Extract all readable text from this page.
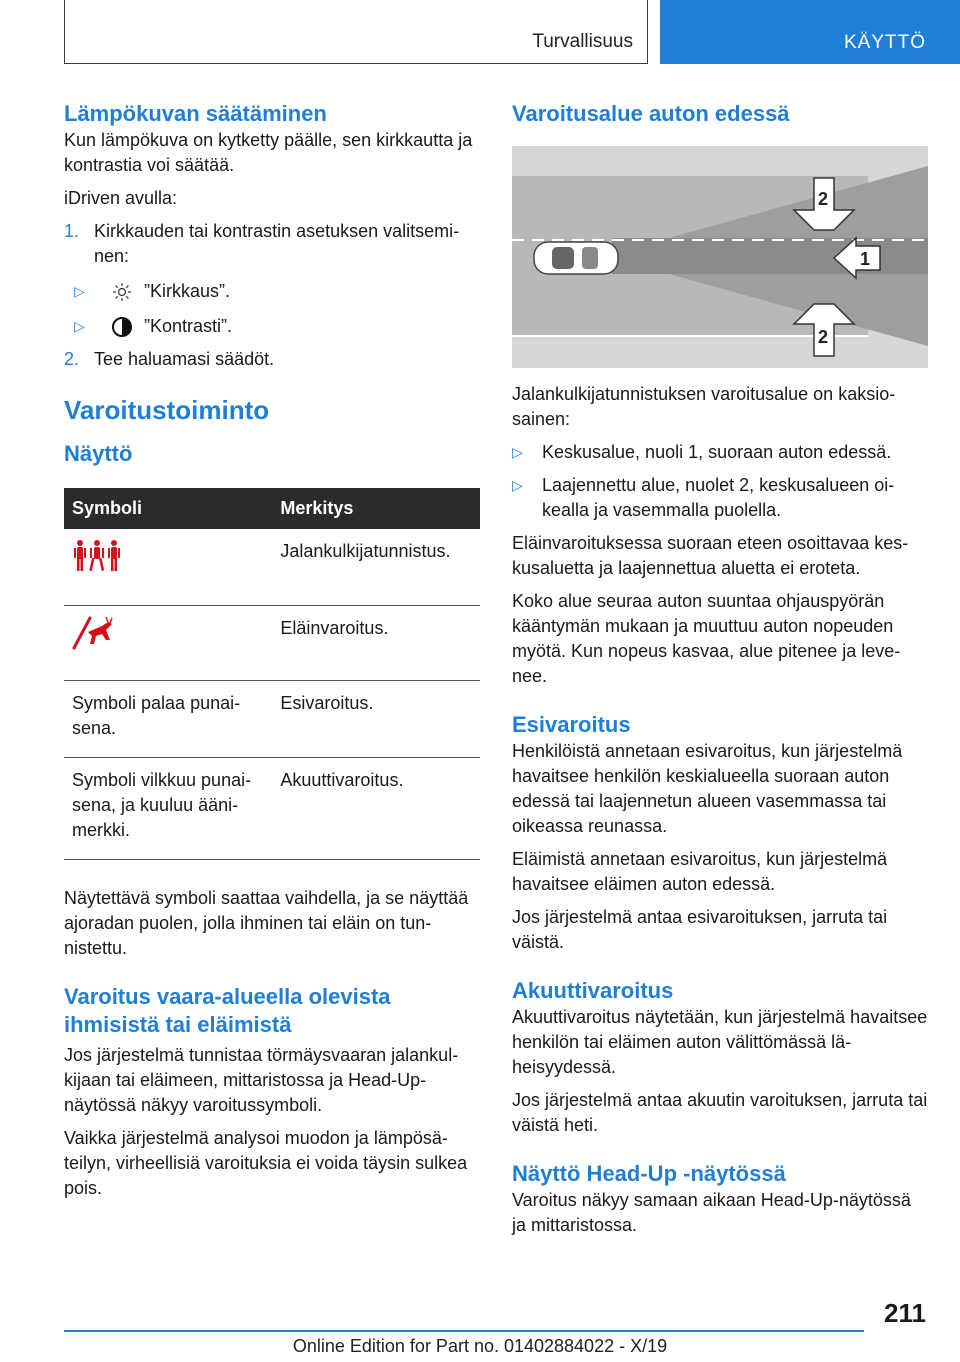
Turvallisuus	KÄYTTÖ
Lämpökuvan säätäminen

Kun lämpökuva on kytketty päälle, sen kirkkautta ja kontrastia voi säätää.

iDriven avulla:

1. Kirkkauden tai kontrastin asetuksen valitseminen:
▷	”Kirkkaus”.
▷	”Kontrasti”.
2. Tee haluamasi säädöt.
Varoitustoiminto
Näyttö
Symboli	Merkitys
	Jalankulkijatunnistus.
	Eläinvaroitus.
Symboli palaa punaisena.	Esivaroitus.
Symboli vilkkuu punaisena, ja kuuluu äänimerkki.	Akuuttivaroitus.

Näytettävä symboli saattaa vaihdella, ja se näyttää ajoradan puolen, jolla ihminen tai eläin on tunnistettu.

Varoitus vaara-alueella olevista ihmisistä tai eläimistä

Jos järjestelmä tunnistaa törmäysvaaran jalankulkijaan tai eläimeen, mittaristossa ja Head-Up-näytössä näkyy varoitussymboli.

Vaikka järjestelmä analysoi muodon ja lämpösäteilyn, virheellisiä varoituksia ei voida täysin sulkea pois.

Varoitusalue auton edessä
1
2
2

Jalankulkijatunnistuksen varoitusalue on kaksiosainen:

▷	Keskusalue, nuoli 1, suoraan auton edessä.
▷	Laajennettu alue, nuolet 2, keskusalueen oikealla ja vasemmalla puolella.

Eläinvaroituksessa suoraan eteen osoittavaa keskusaluetta ja laajennettua aluetta ei eroteta.

Koko alue seuraa auton suuntaa ohjauspyörän kääntymän mukaan ja muuttuu auton nopeuden myötä. Kun nopeus kasvaa, alue pitenee ja levenee.

Esivaroitus

Henkilöistä annetaan esivaroitus, kun järjestelmä havaitsee henkilön keskialueella suoraan auton edessä tai laajennetun alueen vasemmassa tai oikeassa reunassa.

Eläimistä annetaan esivaroitus, kun järjestelmä havaitsee eläimen auton edessä.

Jos järjestelmä antaa esivaroituksen, jarruta tai väistä.

Akuuttivaroitus

Akuuttivaroitus näytetään, kun järjestelmä havaitsee henkilön tai eläimen auton välittömässä läheisyydessä.

Jos järjestelmä antaa akuutin varoituksen, jarruta tai väistä heti.

Näyttö Head-Up -näytössä

Varoitus näkyy samaan aikaan Head-Up-näytössä ja mittaristossa.

211
Online Edition for Part no. 01402884022 - X/19
